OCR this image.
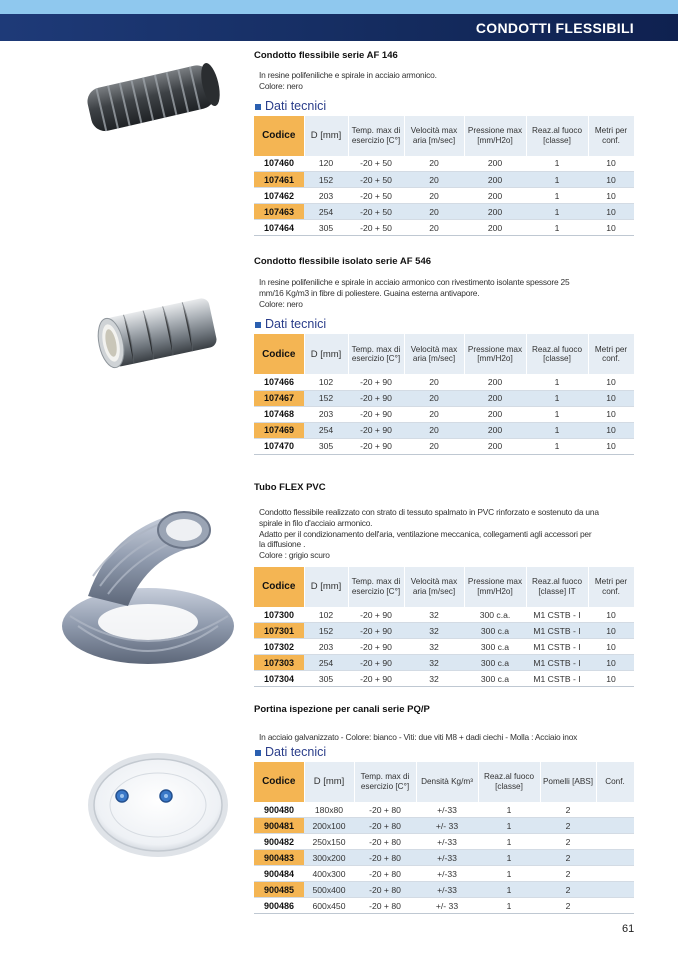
CONDOTTI FLESSIBILI
Condotto flessibile serie AF 146
In resine polifeniliche e spirale in acciaio armonico.
Colore: nero
Dati tecnici
Codice	D [mm]	Temp. max di esercizio [C°]	Velocità max aria [m/sec]	Pressione max [mm/H2o]	Reaz.al fuoco [classe]	Metri per conf.
107460	120	-20 + 50	20	200	1	10
107461	152	-20 + 50	20	200	1	10
107462	203	-20 + 50	20	200	1	10
107463	254	-20 + 50	20	200	1	10
107464	305	-20 + 50	20	200	1	10
Condotto flessibile isolato serie AF 546
In resine polifeniliche e spirale in acciaio armonico con rivestimento isolante spessore 25
mm/16 Kg/m3 in fibre di poliestere. Guaina esterna antivapore.
Colore: nero
Dati tecnici
Codice	D [mm]	Temp. max di esercizio [C°]	Velocità max aria [m/sec]	Pressione max [mm/H2o]	Reaz.al fuoco [classe]	Metri per conf.
107466	102	-20 + 90	20	200	1	10
107467	152	-20 + 90	20	200	1	10
107468	203	-20 + 90	20	200	1	10
107469	254	-20 + 90	20	200	1	10
107470	305	-20 + 90	20	200	1	10
Tubo FLEX PVC
Condotto flessibile realizzato con strato di tessuto spalmato in PVC rinforzato e sostenuto da una
spirale in filo d'acciaio armonico.
Adatto per il condizionamento dell'aria, ventilazione meccanica, collegamenti agli accessori per
la diffusione .
Colore : grigio scuro
Codice	D [mm]	Temp. max di esercizio [C°]	Velocità max aria [m/sec]	Pressione max [mm/H2o]	Reaz.al fuoco [classe] IT	Metri per conf.
107300	102	-20 + 90	32	300 c.a.	M1 CSTB - I	10
107301	152	-20 + 90	32	300 c.a	M1 CSTB - I	10
107302	203	-20 + 90	32	300 c.a	M1 CSTB - I	10
107303	254	-20 + 90	32	300 c.a	M1 CSTB - I	10
107304	305	-20 + 90	32	300 c.a	M1 CSTB - I	10
Portina ispezione per canali serie PQ/P
In acciaio galvanizzato - Colore: bianco - Viti: due viti M8 + dadi ciechi - Molla : Acciaio inox
Dati tecnici
Codice	D [mm]	Temp. max di esercizio [C°]	Densità Kg/m³	Reaz.al fuoco [classe]	Pomelli [ABS]	Conf.
900480	180x80	-20 + 80	+/-33	1	2	
900481	200x100	-20 + 80	+/- 33	1	2	
900482	250x150	-20 + 80	+/-33	1	2	
900483	300x200	-20 + 80	+/-33	1	2	
900484	400x300	-20 + 80	+/-33	1	2	
900485	500x400	-20 + 80	+/-33	1	2	
900486	600x450	-20 + 80	+/- 33	1	2	
61
